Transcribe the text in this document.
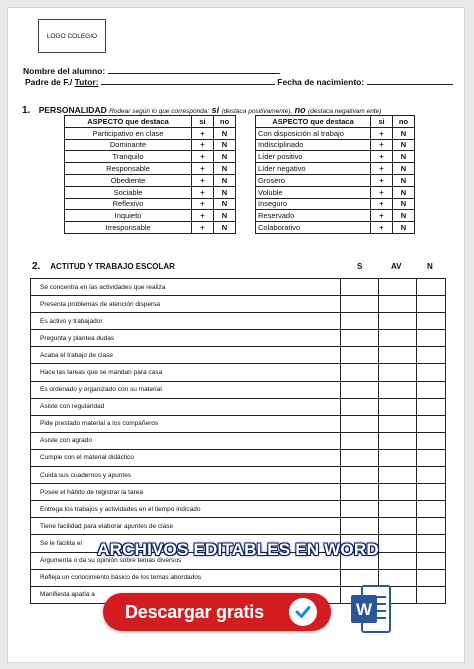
LOGO COLEGIO
Nombre del alumno:
Padre de F./ Tutor:	Fecha de nacimiento:
1. PERSONALIDAD Rodear según lo que corresponda: si (destaca positivamente), no (destaca negativam ente)
ASPECTO que destaca	si	no
Participativo en clase	+	N
Dominante	+	N
Tranquilo	+	N
Responsable	+	N
Obediente	+	N
Sociable	+	N
Reflexivo	+	N
Inquieto	+	N
Irresponsable	+	N
ASPECTO que destaca	si	no
Con disposición al trabajo	+	N
Indisciplinado	+	N
Líder positivo	+	N
Líder negativo	+	N
Grosero	+	N
Voluble	+	N
Inseguro	+	N
Reservado	+	N
Colaborativo	+	N
2. ACTITUD Y TRABAJO ESCOLAR	S	AV	N
Se concentra en las actividades que realiza			
Presenta problemas de atención dispersa			
Es activo y trabajador			
Pregunta y plantea dudas			
Acaba el trabajo de clase			
Hace las tareas que se mandan para casa			
Es ordenado y organizado con su material			
Asiste con regularidad			
Pide prestado material a los compañeros			
Asiste con agrado			
Cumple con el material didáctico			
Cuida sus cuadernos y apuntes			
Posee el hábito de registrar la tarea			
Entrega los trabajos y actividades en el tiempo indicado			
Tiene facilidad para elaborar apuntes de clase			
Se le facilita el			
Argumenta o da su opinión sobre temas diversos			
Refleja un conocimiento básico de los temas abordados			
Manifiesta apatía a			
ARCHIVOS EDITABLES EN WORD
Descargar gratis	W
